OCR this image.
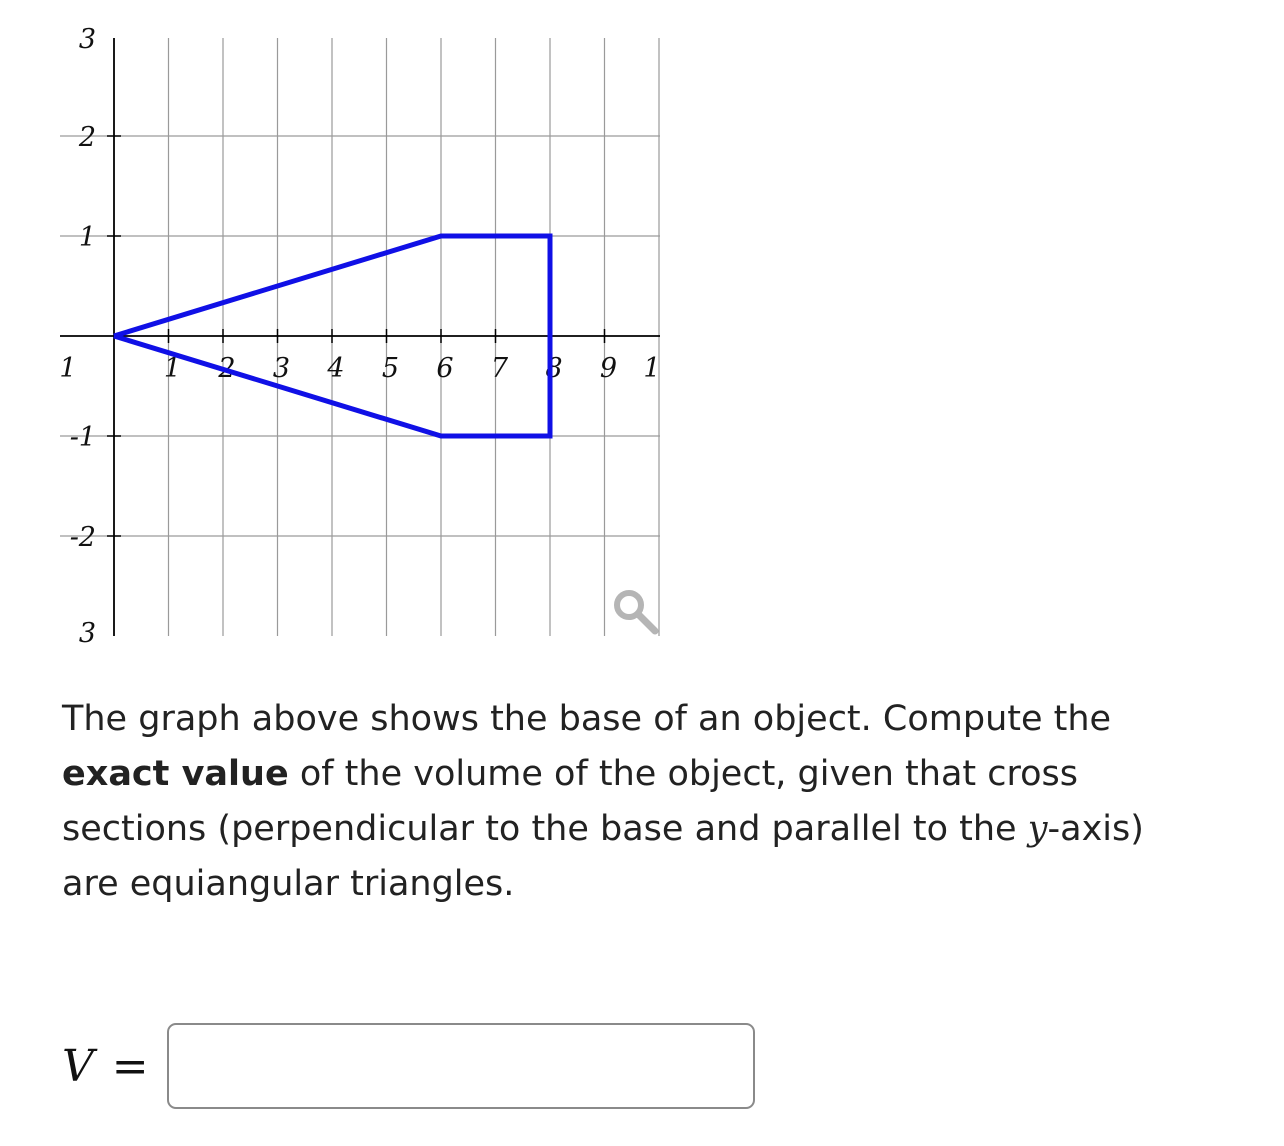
1	1 2 3 4 5 6 7 8 9 1
3
2
1
-1
-2
3
The graph above shows the base of an object. Compute the exact value of the volume of the object, given that cross sections (perpendicular to the base and parallel to the y-axis) are equiangular triangles.
V =
